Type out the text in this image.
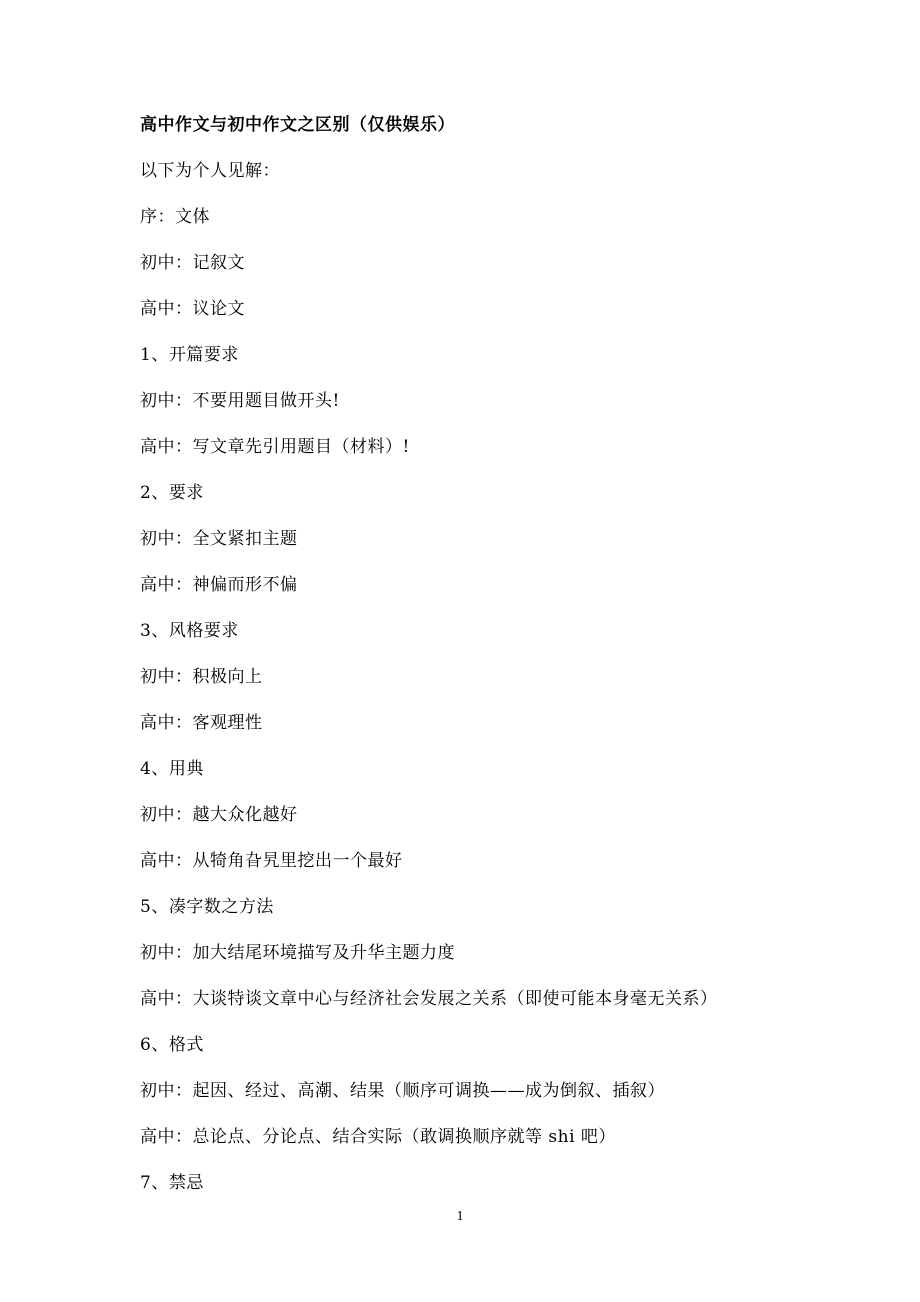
高中作文与初中作文之区别（仅供娱乐）
以下为个人见解：
序：文体
初中：记叙文
高中：议论文
1、开篇要求
初中：不要用题目做开头!
高中：写文章先引用题目（材料）!
2、要求
初中：全文紧扣主题
高中：神偏而形不偏
3、风格要求
初中：积极向上
高中：客观理性
4、用典
初中：越大众化越好
高中：从犄角旮旯里挖出一个最好
5、凑字数之方法
初中：加大结尾环境描写及升华主题力度
高中：大谈特谈文章中心与经济社会发展之关系（即使可能本身毫无关系）
6、格式
初中：起因、经过、高潮、结果（顺序可调换——成为倒叙、插叙）
高中：总论点、分论点、结合实际（敢调换顺序就等 shi 吧）
7、禁忌
1
